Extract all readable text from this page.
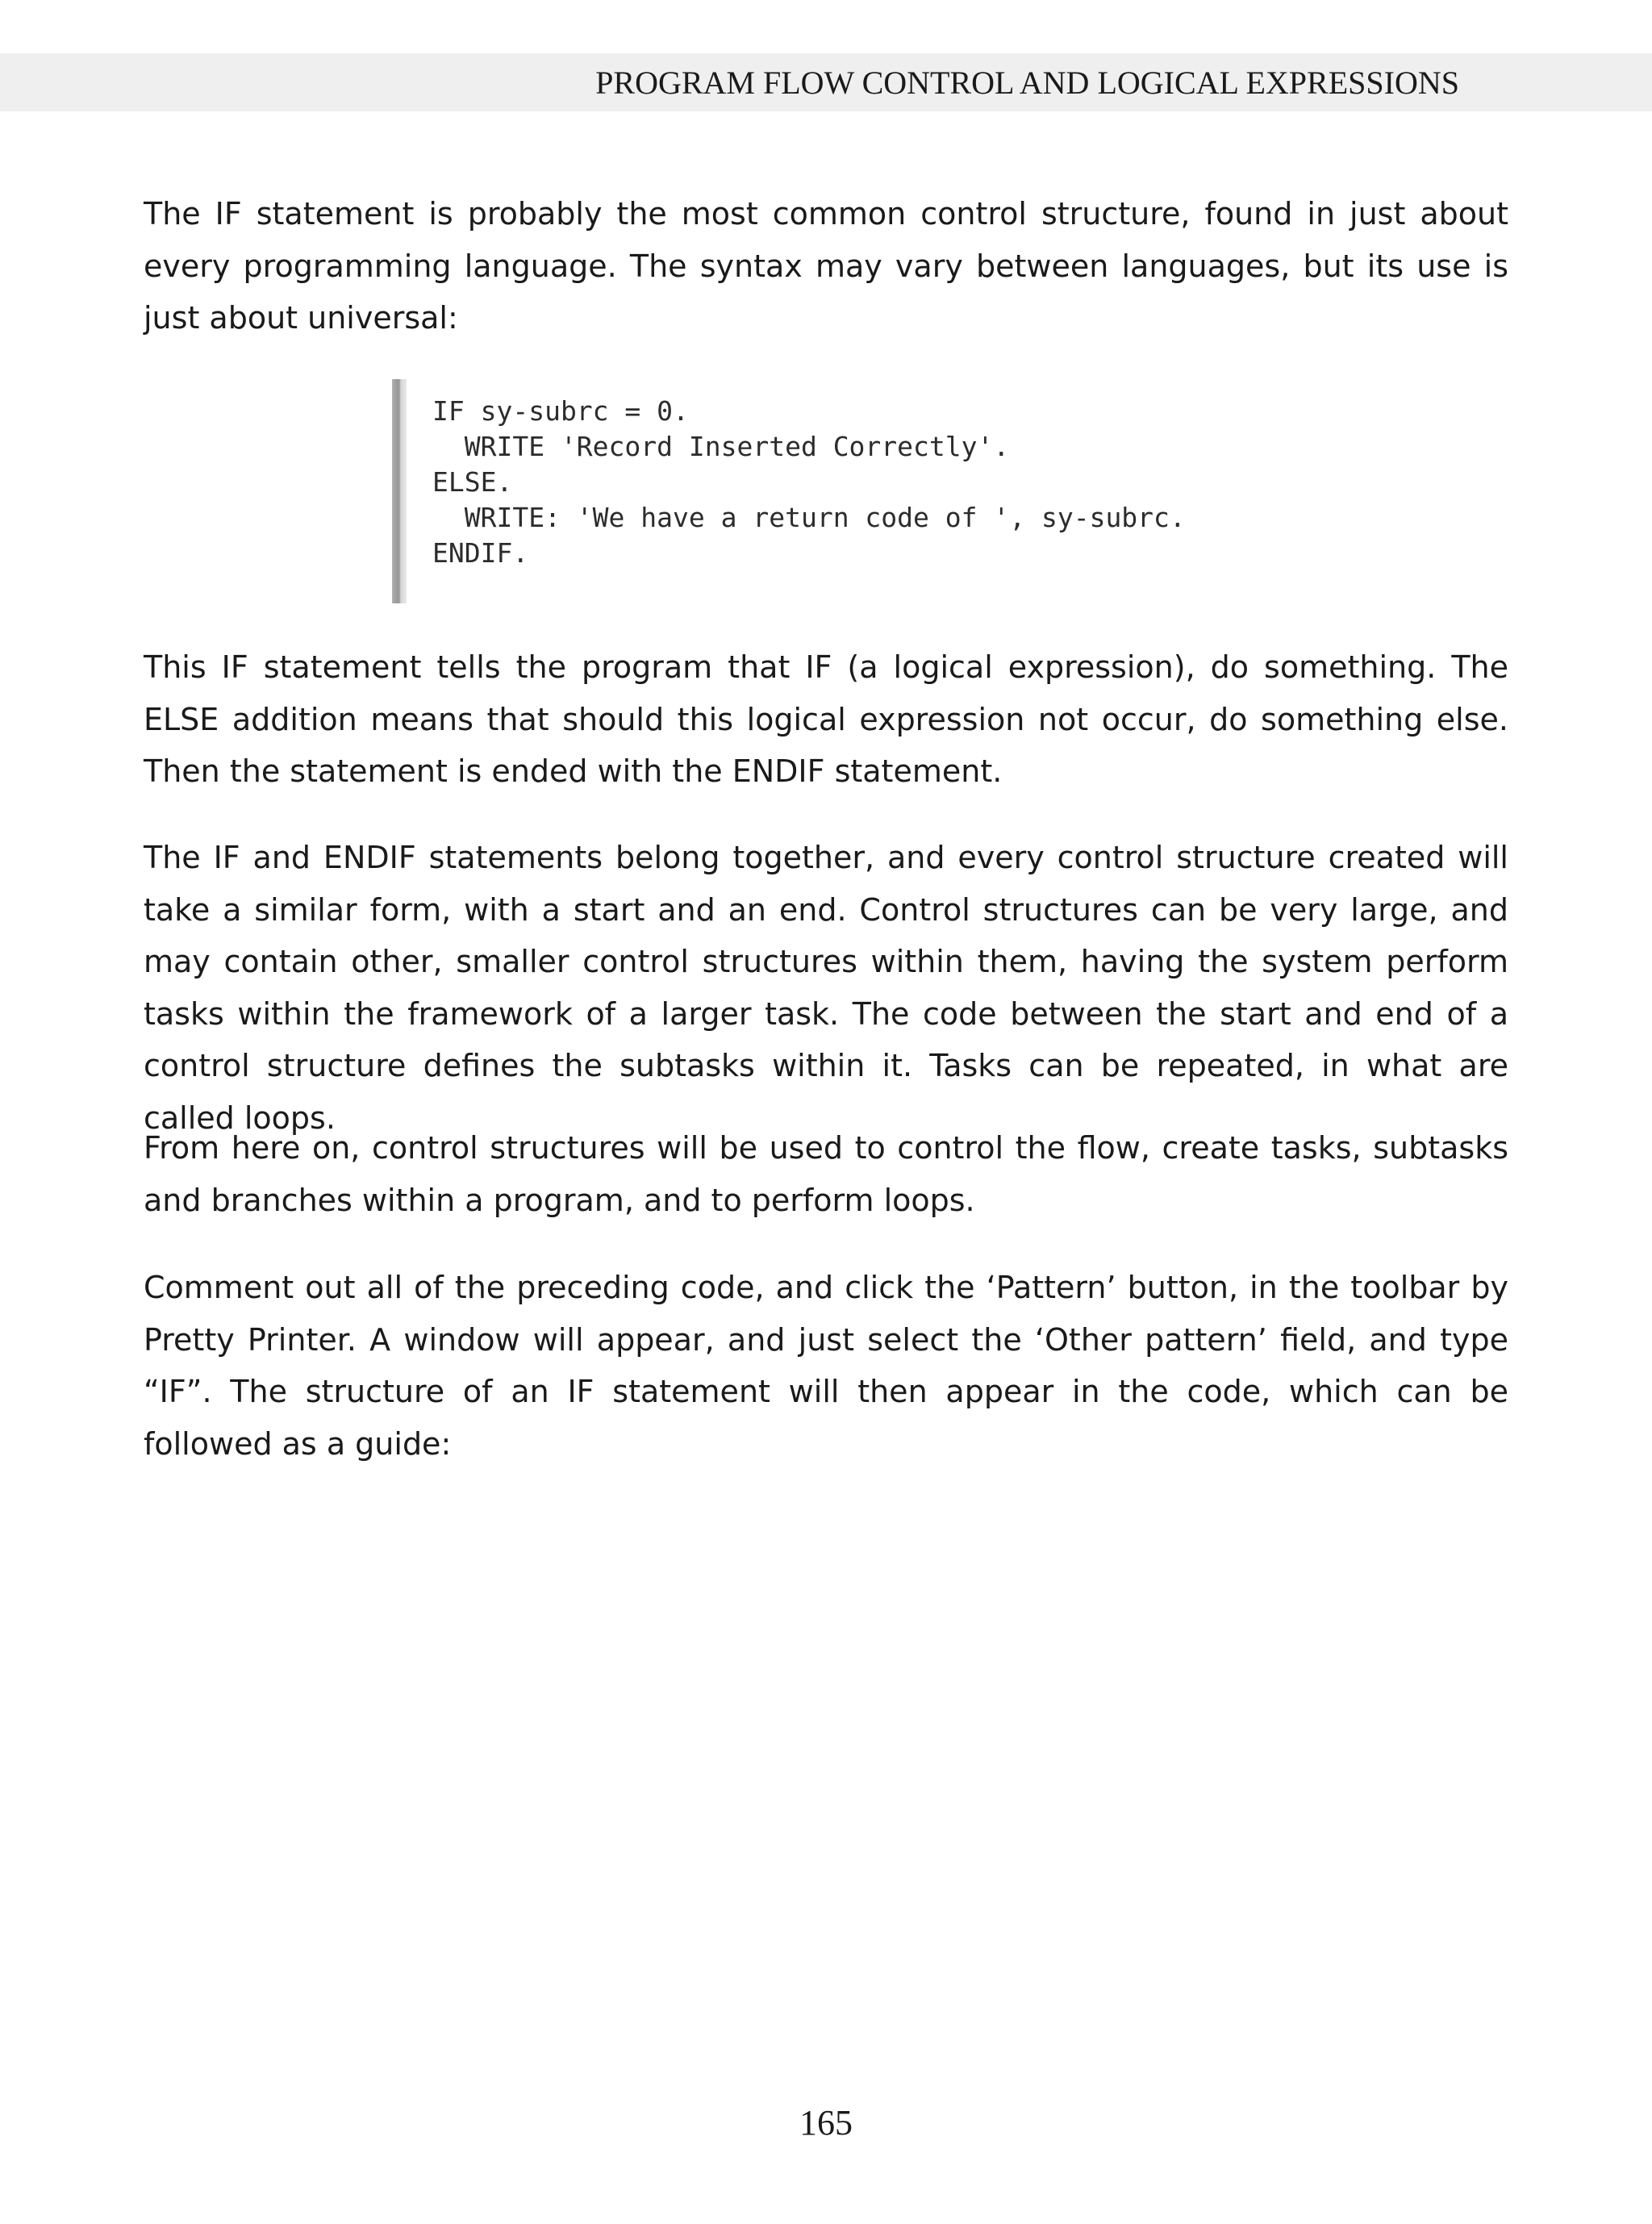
PROGRAM FLOW CONTROL AND LOGICAL EXPRESSIONS

The IF statement is probably the most common control structure, found in just about every programming language. The syntax may vary between languages, but its use is just about universal:

IF sy-subrc = 0.
WRITE 'Record Inserted Correctly'.
ELSE.
WRITE: 'We have a return code of ', sy-subrc.
ENDIF.

This IF statement tells the program that IF (a logical expression), do something. The ELSE addition means that should this logical expression not occur, do something else. Then the statement is ended with the ENDIF statement.

The IF and ENDIF statements belong together, and every control structure created will take a similar form, with a start and an end. Control structures can be very large, and may contain other, smaller control structures within them, having the system perform tasks within the framework of a larger task. The code between the start and end of a control structure defines the subtasks within it. Tasks can be repeated, in what are called loops.

From here on, control structures will be used to control the flow, create tasks, subtasks and branches within a program, and to perform loops.

Comment out all of the preceding code, and click the ‘Pattern’ button, in the toolbar by Pretty Printer. A window will appear, and just select the ‘Other pattern’ field, and type “IF”. The structure of an IF statement will then appear in the code, which can be followed as a guide:

165
